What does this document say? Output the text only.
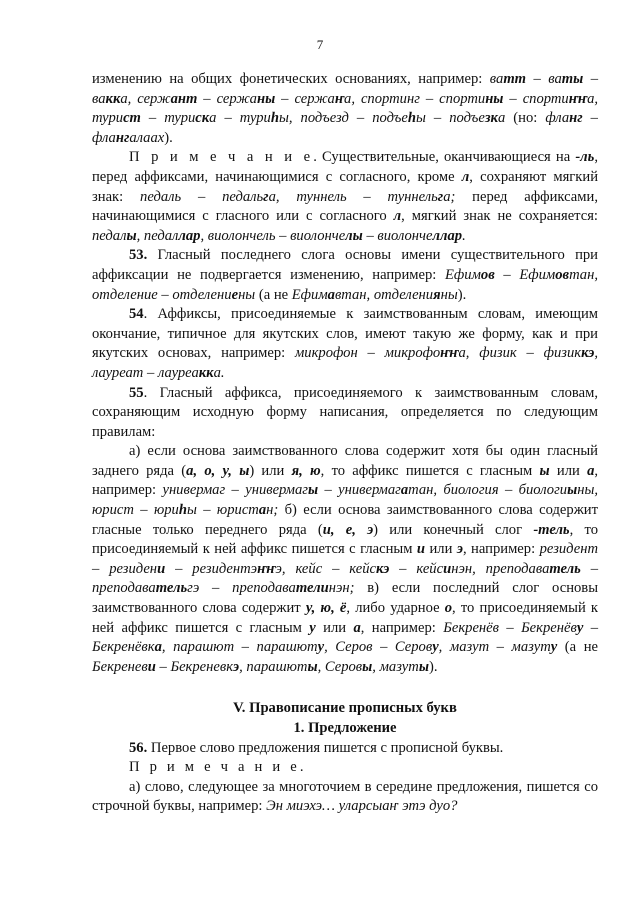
7

изменению на общих фонетических основаниях, например: ватт – ваты – вакка, сержант – сержаны – сержаҥа, спортинг – спортины – спортиҥҥа, турист – туриска – туриһы, подъезд – подъеһы – подъезка (но: фланг – флангалаах).

П р и м е ч а н и е. Существительные, оканчивающиеся на -ль, перед аффиксами, начинающимися с согласного, кроме л, сохраняют мягкий знак: педаль – педальга, туннель – туннельга; перед аффиксами, начинающимися с гласного или с согласного л, мягкий знак не сохраняется: педалы, педаллар, виолончель – виолончелы – виолончеллар.

53. Гласный последнего слога основы имени существительного при аффиксации не подвергается изменению, например: Ефимов – Ефимовтан, отделение – отделениены (а не Ефимавтан, отделенияны).

54. Аффиксы, присоединяемые к заимствованным словам, имеющим окончание, типичное для якутских слов, имеют такую же форму, как и при якутских основах, например: микрофон – микрофоҥҥа, физик – физиккэ, лауреат – лауреакка.

55. Гласный аффикса, присоединяемого к заимствованным словам, сохраняющим исходную форму написания, определяется по следующим правилам:

а) если основа заимствованного слова содержит хотя бы один гласный заднего ряда (а, о, у, ы) или я, ю, то аффикс пишется с гласным ы или а, например: универмаг – универмагы – универмагатан, биология – биологиыны, юрист – юриһы – юристан; б) если основа заимствованного слова содержит гласные только переднего ряда (и, е, э) или конечный слог -тель, то присоединяемый к ней аффикс пишется с гласным и или э, например: резидент – резидени – резидентэҥҥэ, кейс – кейскэ – кейсинэн, преподаватель – преподавательгэ – преподавателинэн; в) если последний слог основы заимствованного слова содержит у, ю, ё, либо ударное о, то присоединяемый к ней аффикс пишется с гласным у или а, например: Бекренёв – Бекренёву – Бекренёвка, парашют – парашюту, Серов – Серову, мазут – мазуту (а не Бекреневи – Бекреневкэ, парашюты, Серовы, мазуты).

V. Правописание прописных букв
1. Предложение

56. Первое слово предложения пишется с прописной буквы.

П р и м е ч а н и е.

а) слово, следующее за многоточием в середине предложения, пишется со строчной буквы, например: Эн миэхэ… уларсыаҥ этэ дуо?
